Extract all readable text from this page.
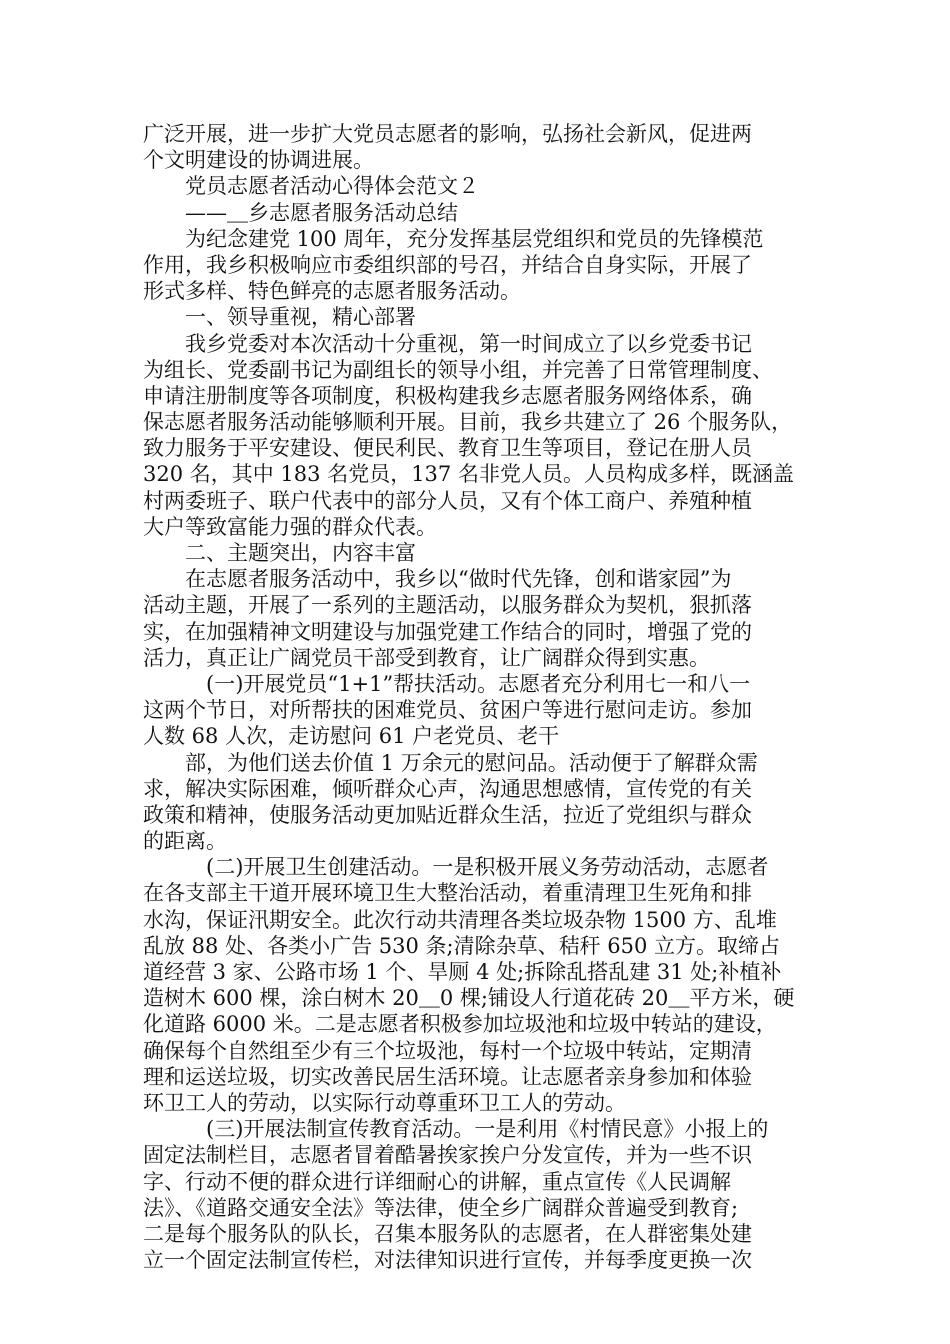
广泛开展，进一步扩大党员志愿者的影响，弘扬社会新风，促进两
个文明建设的协调进展。
　　党员志愿者活动心得体会范文２
　　——＿乡志愿者服务活动总结
　　为纪念建党 100 周年，充分发挥基层党组织和党员的先锋模范
作用，我乡积极响应市委组织部的号召，并结合自身实际，开展了
形式多样、特色鲜亮的志愿者服务活动。
　　一、领导重视，精心部署
　　我乡党委对本次活动十分重视，第一时间成立了以乡党委书记
为组长、党委副书记为副组长的领导小组，并完善了日常管理制度、
申请注册制度等各项制度，积极构建我乡志愿者服务网络体系，确
保志愿者服务活动能够顺利开展。目前，我乡共建立了 26 个服务队，
致力服务于平安建设、便民利民、教育卫生等项目，登记在册人员
320 名，其中 183 名党员，137 名非党人员。人员构成多样，既涵盖
村两委班子、联户代表中的部分人员，又有个体工商户、养殖种植
大户等致富能力强的群众代表。
　　二、主题突出，内容丰富
　　在志愿者服务活动中，我乡以“做时代先锋，创和谐家园”为
活动主题，开展了一系列的主题活动，以服务群众为契机，狠抓落
实，在加强精神文明建设与加强党建工作结合的同时，增强了党的
活力，真正让广阔党员干部受到教育，让广阔群众得到实惠。
　　　(一)开展党员“1+1”帮扶活动。志愿者充分利用七一和八一
这两个节日，对所帮扶的困难党员、贫困户等进行慰问走访。参加
人数 68 人次，走访慰问 61 户老党员、老干
　　部，为他们送去价值 1 万余元的慰问品。活动便于了解群众需
求，解决实际困难，倾听群众心声，沟通思想感情，宣传党的有关
政策和精神，使服务活动更加贴近群众生活，拉近了党组织与群众
的距离。
　　　(二)开展卫生创建活动。一是积极开展义务劳动活动，志愿者
在各支部主干道开展环境卫生大整治活动，着重清理卫生死角和排
水沟，保证汛期安全。此次行动共清理各类垃圾杂物 1500 方、乱堆
乱放 88 处、各类小广告 530 条;清除杂草、秸秆 650 立方。取缔占
道经营 3 家、公路市场 1 个、旱厕 4 处;拆除乱搭乱建 31 处;补植补
造树木 600 棵，涂白树木 20＿0 棵;铺设人行道花砖 20＿平方米，硬
化道路 6000 米。二是志愿者积极参加垃圾池和垃圾中转站的建设，
确保每个自然组至少有三个垃圾池，每村一个垃圾中转站，定期清
理和运送垃圾，切实改善民居生活环境。让志愿者亲身参加和体验
环卫工人的劳动，以实际行动尊重环卫工人的劳动。
　　　(三)开展法制宣传教育活动。一是利用《村情民意》小报上的
固定法制栏目，志愿者冒着酷暑挨家挨户分发宣传，并为一些不识
字、行动不便的群众进行详细耐心的讲解，重点宣传《人民调解
法》、《道路交通安全法》等法律，使全乡广阔群众普遍受到教育;
二是每个服务队的队长，召集本服务队的志愿者，在人群密集处建
立一个固定法制宣传栏，对法律知识进行宣传，并每季度更换一次
